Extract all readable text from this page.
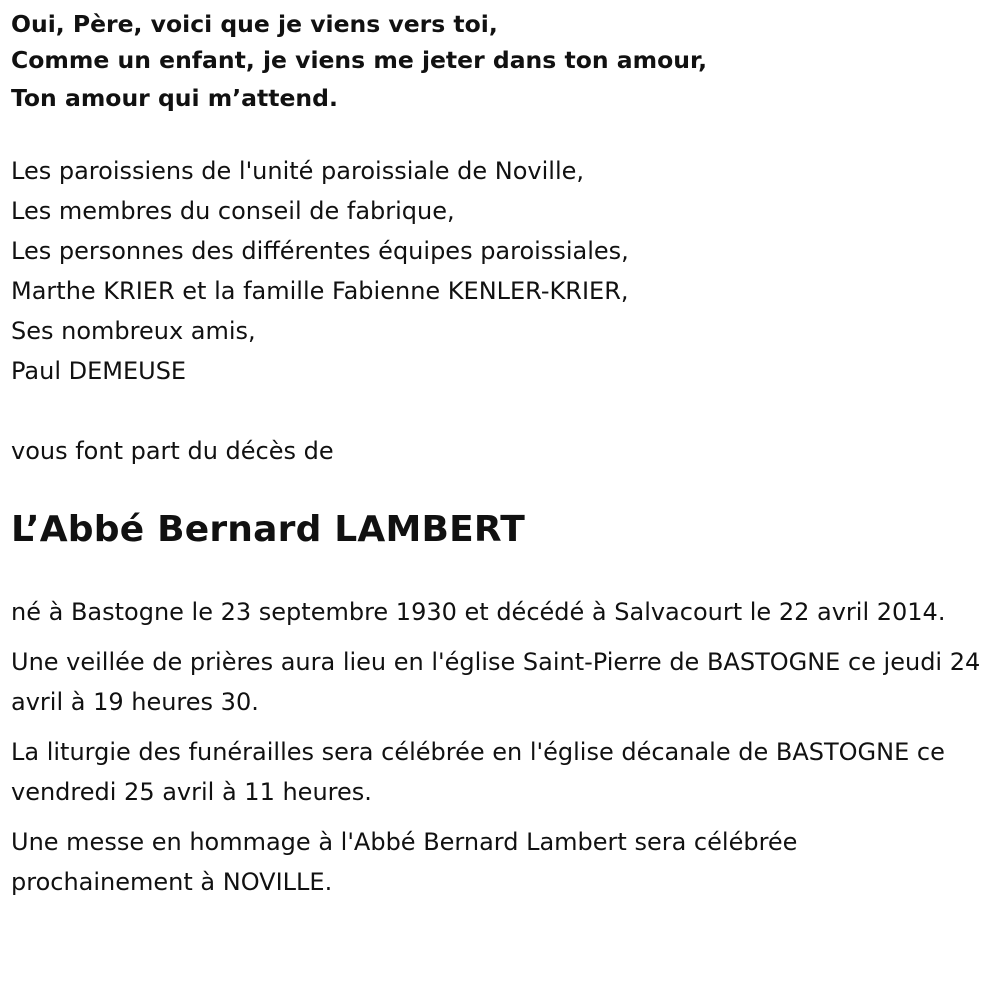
Oui, Père, voici que je viens vers toi,
Comme un enfant, je viens me jeter dans ton amour,
Ton amour qui m’attend.
Les paroissiens de l'unité paroissiale de Noville,
Les membres du conseil de fabrique,
Les personnes des différentes équipes paroissiales,
Marthe KRIER et la famille Fabienne KENLER-KRIER,
Ses nombreux amis,
Paul DEMEUSE
vous font part du décès de
L’Abbé Bernard LAMBERT
né à Bastogne le 23 septembre 1930 et décédé à Salvacourt le 22 avril 2014.
Une veillée de prières aura lieu en l'église Saint-Pierre de BASTOGNE ce jeudi 24 avril à 19 heures 30.
La liturgie des funérailles sera célébrée en l'église décanale de BASTOGNE ce vendredi 25 avril à 11 heures.
Une messe en hommage à l'Abbé Bernard Lambert sera célébrée prochainement à NOVILLE.
